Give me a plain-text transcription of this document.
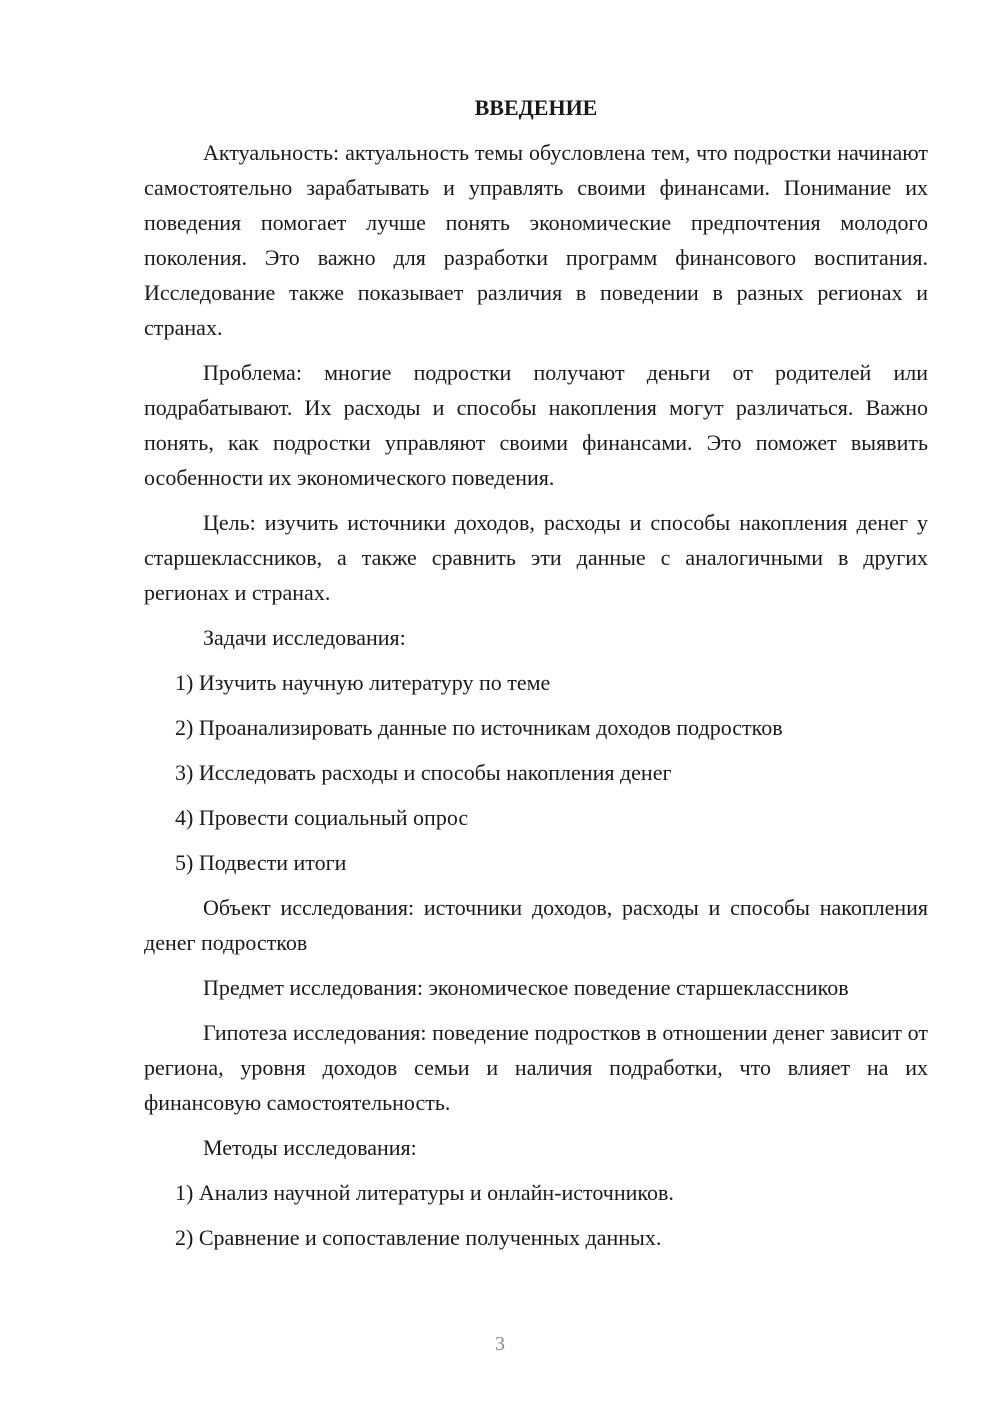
ВВЕДЕНИЕ

Актуальность: актуальность темы обусловлена тем, что подростки начинают самостоятельно зарабатывать и управлять своими финансами. Понимание их поведения помогает лучше понять экономические предпочтения молодого поколения. Это важно для разработки программ финансового воспитания. Исследование также показывает различия в поведении в разных регионах и странах.

Проблема: многие подростки получают деньги от родителей или подрабатывают. Их расходы и способы накопления могут различаться. Важно понять, как подростки управляют своими финансами. Это поможет выявить особенности их экономического поведения.

Цель: изучить источники доходов, расходы и способы накопления денег у старшеклассников, а также сравнить эти данные с аналогичными в других регионах и странах.

Задачи исследования:

1) Изучить научную литературу по теме

2) Проанализировать данные по источникам доходов подростков

3) Исследовать расходы и способы накопления денег

4) Провести социальный опрос

5) Подвести итоги

Объект исследования: источники доходов, расходы и способы накопления денег подростков

Предмет исследования: экономическое поведение старшеклассников

Гипотеза исследования: поведение подростков в отношении денег зависит от региона, уровня доходов семьи и наличия подработки, что влияет на их финансовую самостоятельность.

Методы исследования:

1) Анализ научной литературы и онлайн-источников.

2) Сравнение и сопоставление полученных данных.

3
